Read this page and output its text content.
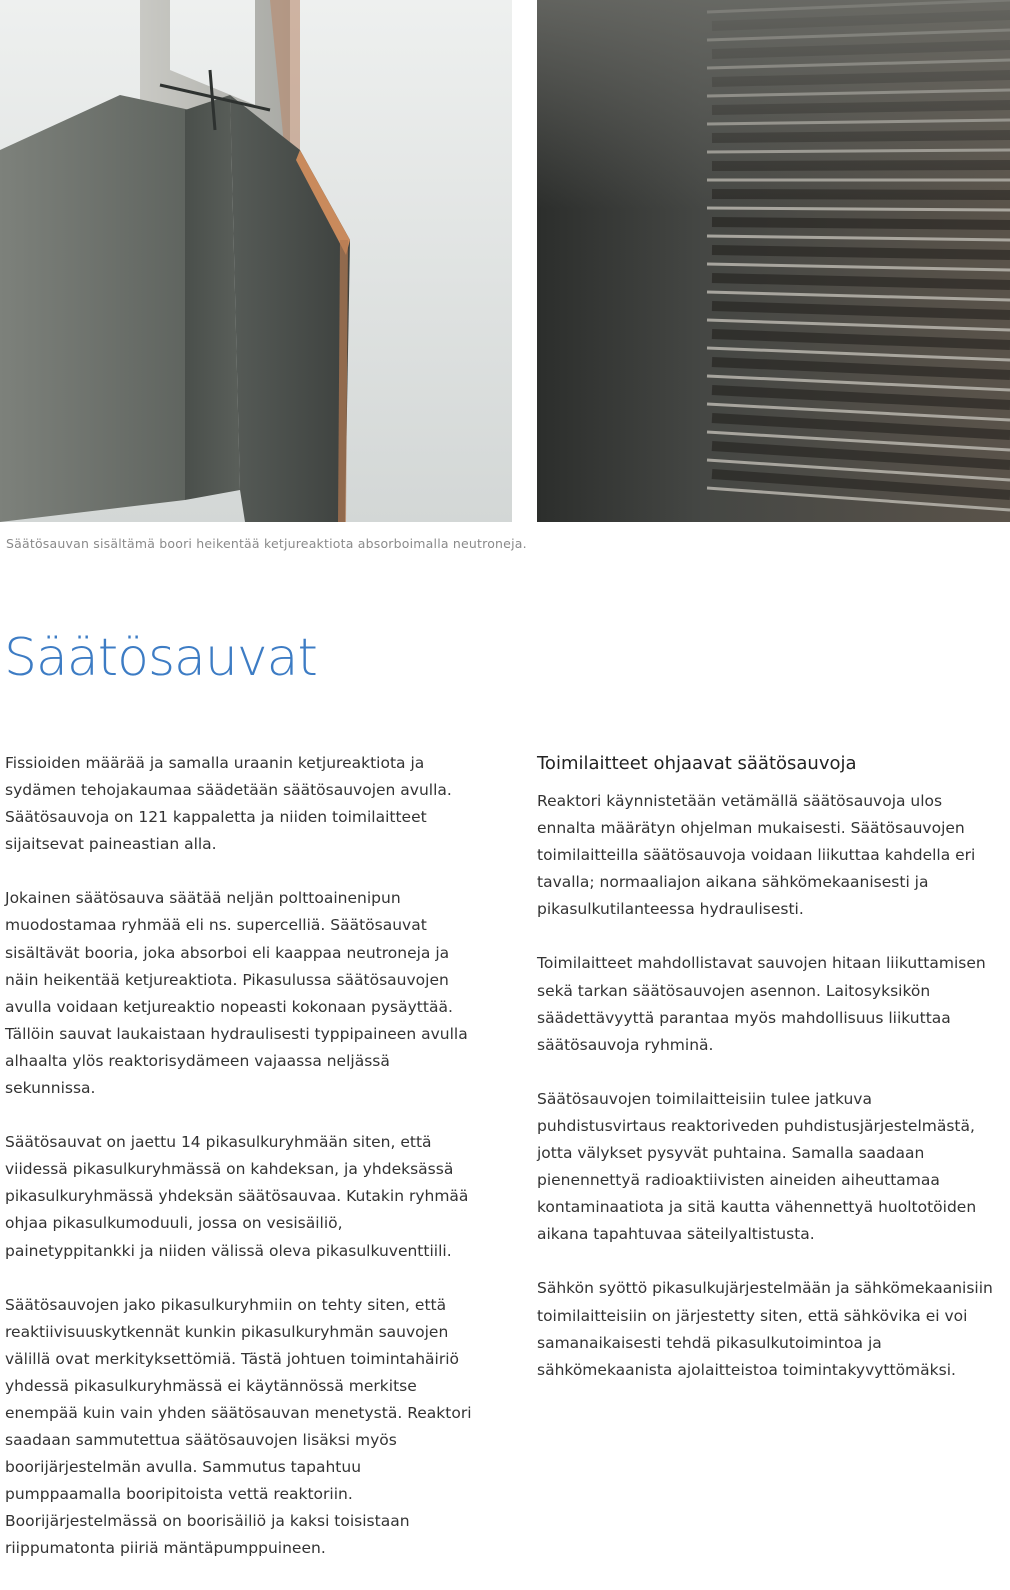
Säätösauvan sisältämä boori heikentää ketjureaktiota absorboimalla neutroneja.
Säätösauvat

Fissioiden määrää ja samalla uraanin ketjureaktiota ja sydämen tehojakaumaa säädetään säätösauvojen avulla. Säätösauvoja on 121 kappaletta ja niiden toimilaitteet sijaitsevat paineastian alla.

Jokainen säätösauva säätää neljän polttoainenipun muodostamaa ryhmää eli ns. supercelliä. Säätösauvat sisältävät booria, joka absorboi eli kaappaa neutroneja ja näin heikentää ketjureaktiota. Pikasulussa säätösauvojen avulla voidaan ketjureaktio nopeasti kokonaan pysäyttää. Tällöin sauvat laukaistaan hydraulisesti typpipaineen avulla alhaalta ylös reaktorisydämeen vajaassa neljässä sekunnissa.

Säätösauvat on jaettu 14 pikasulkuryhmään siten, että viidessä pikasulkuryhmässä on kahdeksan, ja yhdeksässä pikasulkuryhmässä yhdeksän säätösauvaa. Kutakin ryhmää ohjaa pikasulkumoduuli, jossa on vesisäiliö, painetyppitankki ja niiden välissä oleva pikasulkuventtiili.

Säätösauvojen jako pikasulkuryhmiin on tehty siten, että reaktiivisuuskytkennät kunkin pikasulkuryhmän sauvojen välillä ovat merkityksettömiä. Tästä johtuen toimintahäiriö yhdessä pikasulkuryhmässä ei käytännössä merkitse enempää kuin vain yhden säätösauvan menetystä. Reaktori saadaan sammutettua säätösauvojen lisäksi myös boorijärjestelmän avulla. Sammutus tapahtuu pumppaamalla booripitoista vettä reaktoriin. Boorijärjestelmässä on boorisäiliö ja kaksi toisistaan riippumatonta piiriä mäntäpumppuineen.

Toimilaitteet ohjaavat säätösauvoja

Reaktori käynnistetään vetämällä säätösauvoja ulos ennalta määrätyn ohjelman mukaisesti. Säätösauvojen toimilaitteilla säätösauvoja voidaan liikuttaa kahdella eri tavalla; normaaliajon aikana sähkömekaanisesti ja pikasulkutilanteessa hydraulisesti.

Toimilaitteet mahdollistavat sauvojen hitaan liikuttamisen sekä tarkan säätösauvojen asennon. Laitosyksikön säädettävyyttä parantaa myös mahdollisuus liikuttaa säätösauvoja ryhminä.

Säätösauvojen toimilaitteisiin tulee jatkuva puhdistusvirtaus reaktoriveden puhdistusjärjestelmästä, jotta välykset pysyvät puhtaina. Samalla saadaan pienennettyä radioaktiivisten aineiden aiheuttamaa kontaminaatiota ja sitä kautta vähennettyä huoltotöiden aikana tapahtuvaa säteilyaltistusta.

Sähkön syöttö pikasulkujärjestelmään ja sähkömekaanisiin toimilaitteisiin on järjestetty siten, että sähkövika ei voi samanaikaisesti tehdä pikasulkutoimintoa ja sähkömekaanista ajolaitteistoa toimintakyvyttömäksi.
